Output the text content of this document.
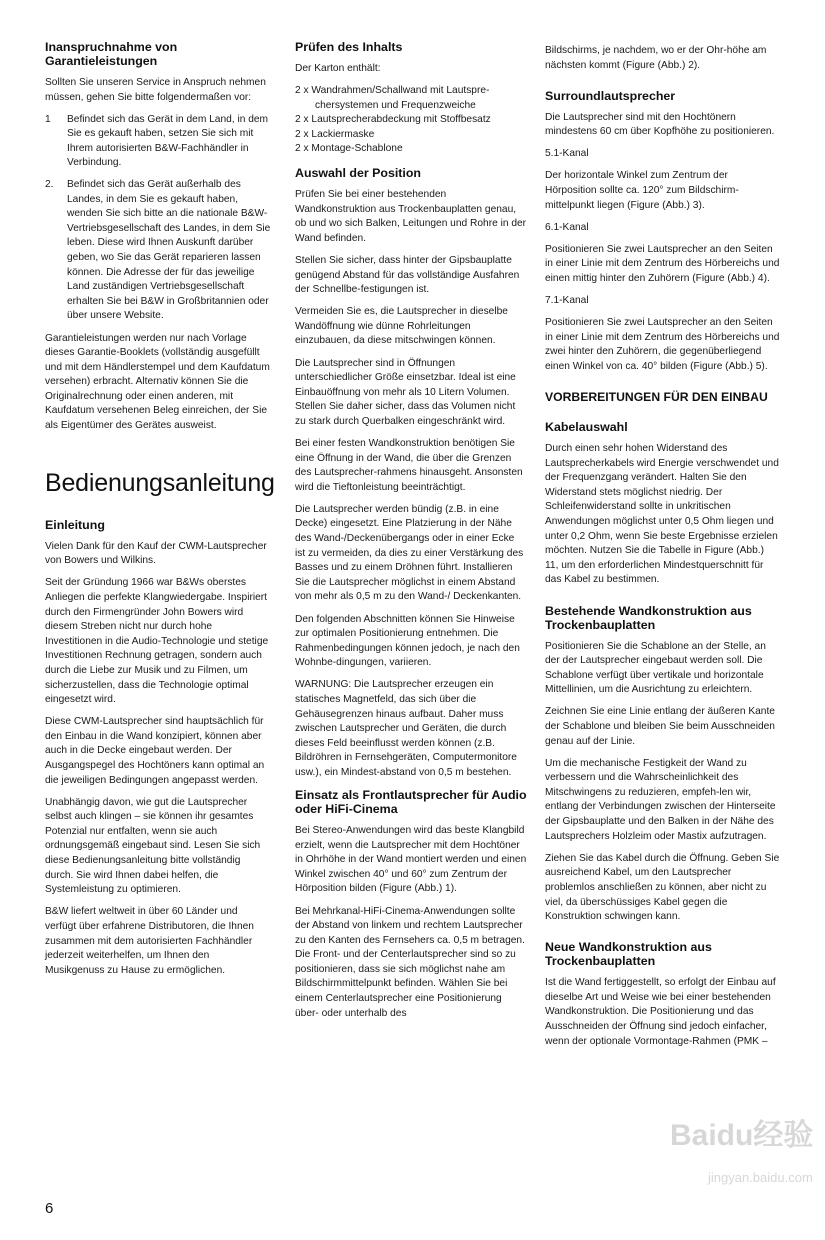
Inanspruchnahme von Garantieleistungen

Sollten Sie unseren Service in Anspruch nehmen müssen, gehen Sie bitte folgendermaßen vor:

1	Befindet sich das Gerät in dem Land, in dem Sie es gekauft haben, setzen Sie sich mit Ihrem autorisierten B&W-Fachhändler in Verbindung.
2.	Befindet sich das Gerät außerhalb des Landes, in dem Sie es gekauft haben, wenden Sie sich bitte an die nationale B&W-Vertriebsgesellschaft des Landes, in dem Sie leben. Diese wird Ihnen Auskunft darüber geben, wo Sie das Gerät reparieren lassen können. Die Adresse der für das jeweilige Land zuständigen Vertriebsgesellschaft erhalten Sie bei B&W in Großbritannien oder über unsere Website.

Garantieleistungen werden nur nach Vorlage dieses Garantie-Booklets (vollständig ausgefüllt und mit dem Händlerstempel und dem Kaufdatum versehen) erbracht. Alternativ können Sie die Originalrechnung oder einen anderen, mit Kaufdatum versehenen Beleg einreichen, der Sie als Eigentümer des Gerätes ausweist.

Bedienungsanleitung
Einleitung

Vielen Dank für den Kauf der CWM-Lautsprecher von Bowers und Wilkins.

Seit der Gründung 1966 war B&Ws oberstes Anliegen die perfekte Klangwiedergabe. Inspiriert durch den Firmengründer John Bowers wird diesem Streben nicht nur durch hohe Investitionen in die Audio-Technologie und stetige Investitionen Rechnung getragen, sondern auch durch die Liebe zur Musik und zu Filmen, um sicherzustellen, dass die Technologie optimal eingesetzt wird.

Diese CWM-Lautsprecher sind hauptsächlich für den Einbau in die Wand konzipiert, können aber auch in die Decke eingebaut werden. Der Ausgangspegel des Hochtöners kann optimal an die jeweiligen Bedingungen angepasst werden.

Unabhängig davon, wie gut die Lautsprecher selbst auch klingen – sie können ihr gesamtes Potenzial nur entfalten, wenn sie auch ordnungsgemäß eingebaut sind. Lesen Sie sich diese Bedienungsanleitung bitte vollständig durch. Sie wird Ihnen dabei helfen, die Systemleistung zu optimieren.

B&W liefert weltweit in über 60 Länder und verfügt über erfahrene Distributoren, die Ihnen zusammen mit dem autorisierten Fachhändler jederzeit weiterhelfen, um Ihnen den Musikgenuss zu Hause zu ermöglichen.

Prüfen des Inhalts

Der Karton enthält:

2 x Wandrahmen/Schallwand mit Lautspre-chersystemen und Frequenzweiche
2 x Lautsprecherabdeckung mit Stoffbesatz
2 x Lackiermaske
2 x Montage-Schablone
Auswahl der Position

Prüfen Sie bei einer bestehenden Wandkonstruktion aus Trockenbauplatten genau, ob und wo sich Balken, Leitungen und Rohre in der Wand befinden.

Stellen Sie sicher, dass hinter der Gipsbauplatte genügend Abstand für das vollständige Ausfahren der Schnellbe-festigungen ist.

Vermeiden Sie es, die Lautsprecher in dieselbe Wandöffnung wie dünne Rohrleitungen einzubauen, da diese mitschwingen können.

Die Lautsprecher sind in Öffnungen unterschiedlicher Größe einsetzbar. Ideal ist eine Einbauöffnung von mehr als 10 Litern Volumen. Stellen Sie daher sicher, dass das Volumen nicht zu stark durch Querbalken eingeschränkt wird.

Bei einer festen Wandkonstruktion benötigen Sie eine Öffnung in der Wand, die über die Grenzen des Lautsprecher-rahmens hinausgeht. Ansonsten wird die Tieftonleistung beeinträchtigt.

Die Lautsprecher werden bündig (z.B. in eine Decke) eingesetzt. Eine Platzierung in der Nähe des Wand-/Deckenübergangs oder in einer Ecke ist zu vermeiden, da dies zu einer Verstärkung des Basses und zu einem Dröhnen führt. Installieren Sie die Lautsprecher möglichst in einem Abstand von mehr als 0,5 m zu den Wand-/ Deckenkanten.

Den folgenden Abschnitten können Sie Hinweise zur optimalen Positionierung entnehmen. Die Rahmenbedingungen können jedoch, je nach den Wohnbe-dingungen, variieren.

WARNUNG: Die Lautsprecher erzeugen ein statisches Magnetfeld, das sich über die Gehäusegrenzen hinaus aufbaut. Daher muss zwischen Lautsprecher und Geräten, die durch dieses Feld beeinflusst werden können (z.B. Bildröhren in Fernsehgeräten, Computermonitore usw.), ein Mindest-abstand von 0,5 m bestehen.

Einsatz als Frontlautsprecher für Audio oder HiFi-Cinema

Bei Stereo-Anwendungen wird das beste Klangbild erzielt, wenn die Lautsprecher mit dem Hochtöner in Ohrhöhe in der Wand montiert werden und einen Winkel zwischen 40° und 60° zum Zentrum der Hörposition bilden (Figure (Abb.) 1).

Bei Mehrkanal-HiFi-Cinema-Anwendungen sollte der Abstand von linkem und rechtem Lautsprecher zu den Kanten des Fernsehers ca. 0,5 m betragen. Die Front- und der Centerlautsprecher sind so zu positionieren, dass sie sich möglichst nahe am Bildschirmmittelpunkt befinden. Wählen Sie bei einem Centerlautsprecher eine Positionierung über- oder unterhalb des

Bildschirms, je nachdem, wo er der Ohr-höhe am nächsten kommt (Figure (Abb.) 2).

Surroundlautsprecher

Die Lautsprecher sind mit den Hochtönern mindestens 60 cm über Kopfhöhe zu positionieren.

5.1-Kanal

Der horizontale Winkel zum Zentrum der Hörposition sollte ca. 120° zum Bildschirm-mittelpunkt liegen (Figure (Abb.) 3).

6.1-Kanal

Positionieren Sie zwei Lautsprecher an den Seiten in einer Linie mit dem Zentrum des Hörbereichs und einen mittig hinter den Zuhörern (Figure (Abb.) 4).

7.1-Kanal

Positionieren Sie zwei Lautsprecher an den Seiten in einer Linie mit dem Zentrum des Hörbereichs und zwei hinter den Zuhörern, die gegenüberliegend einen Winkel von ca. 40° bilden (Figure (Abb.) 5).

VORBEREITUNGEN FÜR DEN EINBAU
Kabelauswahl

Durch einen sehr hohen Widerstand des Lautsprecherkabels wird Energie verschwendet und der Frequenzgang verändert. Halten Sie den Widerstand stets möglichst niedrig. Der Schleifenwiderstand sollte in unkritischen Anwendungen möglichst unter 0,5 Ohm liegen und unter 0,2 Ohm, wenn Sie beste Ergebnisse erzielen möchten. Nutzen Sie die Tabelle in Figure (Abb.) 11, um den erforderlichen Mindestquerschnitt für das Kabel zu bestimmen.

Bestehende Wandkonstruktion aus Trockenbauplatten

Positionieren Sie die Schablone an der Stelle, an der der Lautsprecher eingebaut werden soll. Die Schablone verfügt über vertikale und horizontale Mittellinien, um die Ausrichtung zu erleichtern.

Zeichnen Sie eine Linie entlang der äußeren Kante der Schablone und bleiben Sie beim Ausschneiden genau auf der Linie.

Um die mechanische Festigkeit der Wand zu verbessern und die Wahrscheinlichkeit des Mitschwingens zu reduzieren, empfeh-len wir, entlang der Verbindungen zwischen der Hinterseite der Gipsbauplatte und den Balken in der Nähe des Lautsprechers Holzleim oder Mastix aufzutragen.

Ziehen Sie das Kabel durch die Öffnung. Geben Sie ausreichend Kabel, um den Lautsprecher problemlos anschließen zu können, aber nicht zu viel, da überschüssiges Kabel gegen die Konstruktion schwingen kann.

Neue Wandkonstruktion aus Trockenbauplatten

Ist die Wand fertiggestellt, so erfolgt der Einbau auf dieselbe Art und Weise wie bei einer bestehenden Wandkonstruktion. Die Positionierung und das Ausschneiden der Öffnung sind jedoch einfacher, wenn der optionale Vormontage-Rahmen (PMK –

6
Baidu经验
jingyan.baidu.com
